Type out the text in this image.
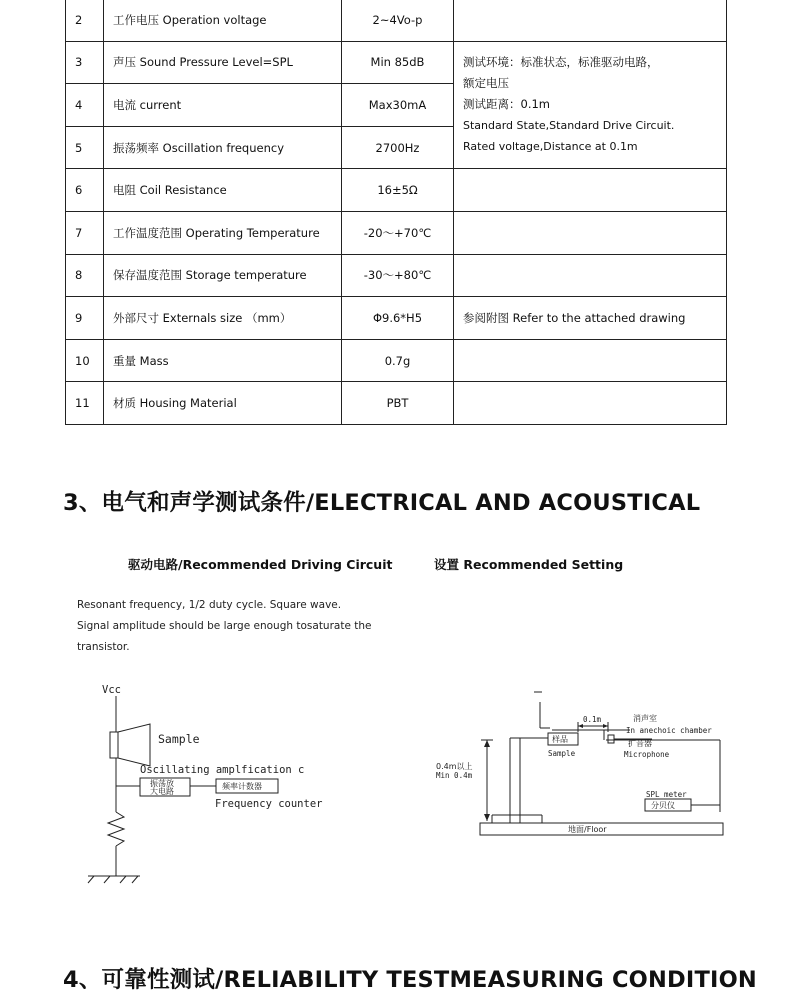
2	工作电压 Operation voltage	2~4Vo-p	
3	声压 Sound Pressure Level=SPL	Min 85dB	测试环境：标准状态，标准驱动电路，
额定电压
测试距离：0.1m
Standard State,Standard Drive Circuit.
Rated voltage,Distance at 0.1m

4	电流 current	Max30mA	
5	振荡频率 Oscillation frequency	2700Hz	
6	电阻 Coil Resistance	16±5Ω	
7	工作温度范围 Operating Temperature	-20～+70℃	
8	保存温度范围 Storage temperature	-30～+80℃	
9	外部尺寸 Externals size （mm）	Φ9.6*H5	参阅附图 Refer to the attached drawing
10	重量 Mass	0.7g	
11	材质 Housing Material	PBT	
3、电气和声学测试条件/ELECTRICAL AND ACOUSTICAL
驱动电路/Recommended Driving Circuit	设置 Recommended Setting
Resonant frequency, 1/2 duty cycle. Square wave.
Signal amplitude should be large enough tosaturate the
transistor.
Vcc
Sample
Oscillating amplfication c
Frequency counter
振荡放
大电路
频率计数器
0.1m
In anechoic chamber
Sample	Microphone
Min 0.4m
SPL meter
消声室
样品	扩音器
0.4m以上
分贝仪
地面/Floor
4、可靠性测试/RELIABILITY TESTMEASURING CONDITION
